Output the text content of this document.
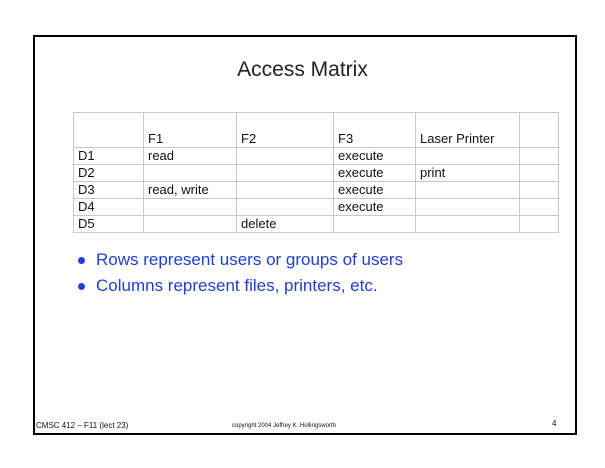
Access Matrix
	F1	F2	F3	Laser Printer	
D1	read		execute		
D2			execute	print	
D3	read, write		execute		
D4			execute		
D5		delete			
Rows represent users or groups of users
Columns represent files, printers, etc.
CMSC 412 – F11 (lect 23)	copyright 2004 Jeffrey K. Hollingsworth	4
